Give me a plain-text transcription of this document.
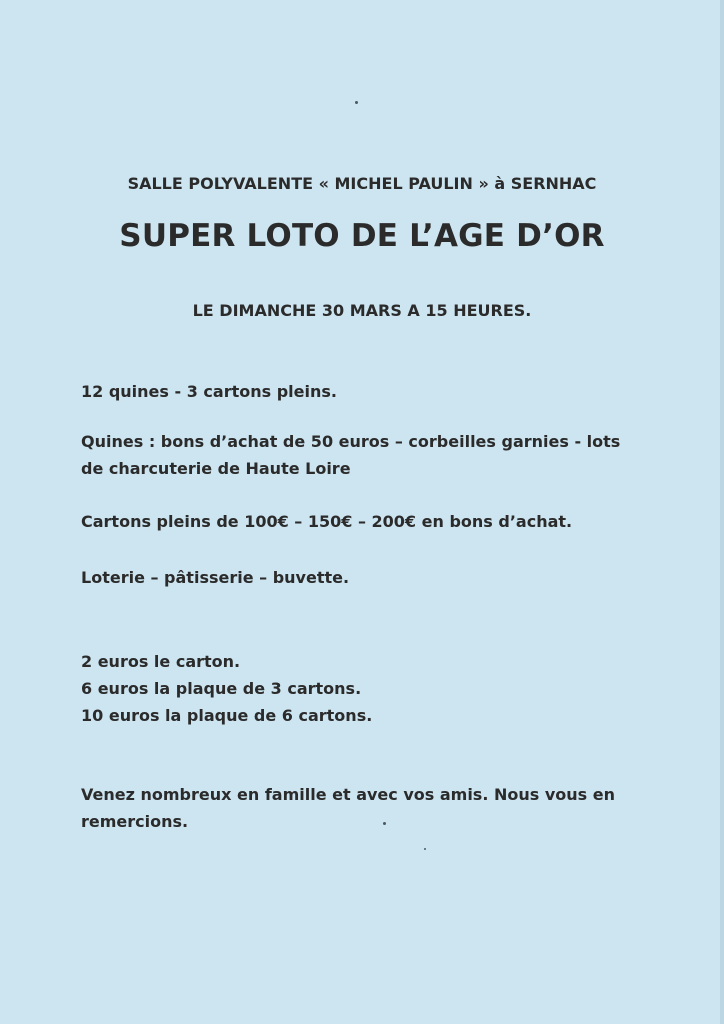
SALLE POLYVALENTE « MICHEL PAULIN » à SERNHAC
SUPER LOTO DE L’AGE D’OR
LE DIMANCHE 30 MARS A 15 HEURES.
12 quines - 3 cartons pleins.
Quines : bons d’achat de 50 euros – corbeilles garnies - lots
de charcuterie de Haute Loire
Cartons pleins de 100€ – 150€ – 200€ en bons d’achat.
Loterie – pâtisserie – buvette.
2 euros le carton.
6 euros la plaque de 3 cartons.
10 euros la plaque de 6 cartons.
Venez nombreux en famille et avec vos amis. Nous vous en
remercions.
